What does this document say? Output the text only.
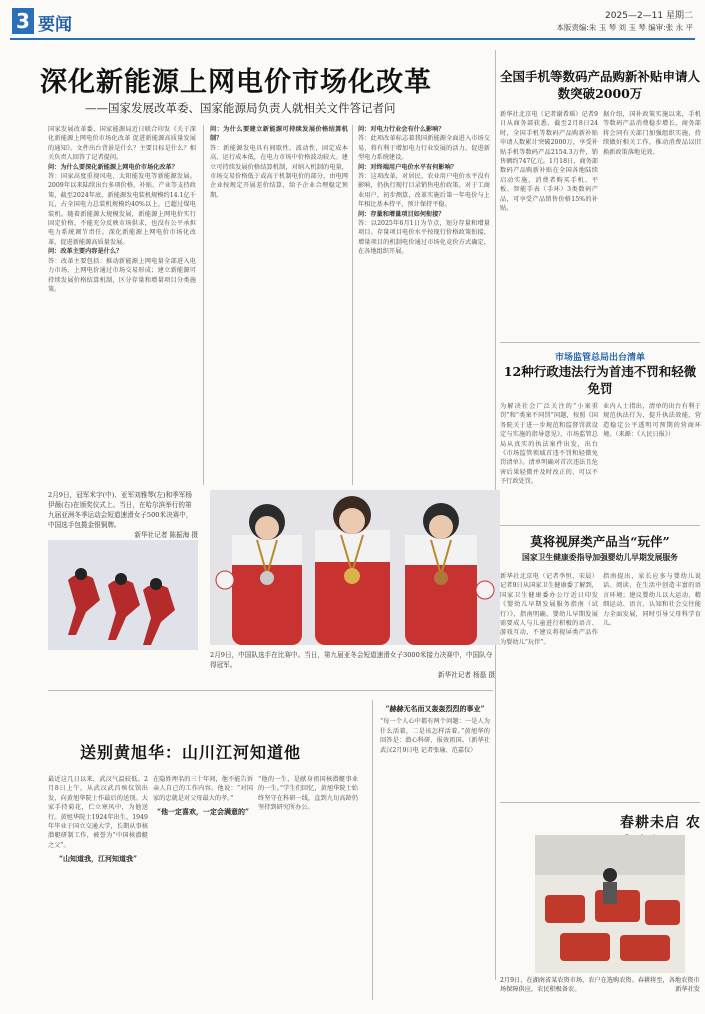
3 要闻	2025—2—11 星期二
本版责编:朱 玉 琴 刘 玉 琴 编审:张 永 平
深化新能源上网电价市场化改革
——国家发展改革委、国家能源局负责人就相关文件答记者问
国家发展改革委、国家能源局近日联合印发《关于深化新能源上网电价市场化改革 促进新能源高质量发展的通知》。文件出台背景是什么？主要目标是什么？相关负责人回答了记者提问。
问：为什么要深化新能源上网电价市场化改革？
答：国家高度重视风电、太阳能发电等新能源发展。2009年以来陆续出台多项价格、补贴、产业等支持政策，截至2024年底，新能源发电装机规模约14.1亿千瓦，占全国电力总装机规模约40%以上，已超过煤电装机。随着新能源大规模发展，新能源上网电价实行固定价格、不能充分反映市场供求，也没有公平承担电力系统调节责任。深化新能源上网电价市场化改革，促进新能源高质量发展。
问：改革主要内容是什么？
答：改革主要包括：推动新能源上网电量全部进入电力市场、上网电价通过市场交易形成；建立新能源可持续发展价格结算机制，区分存量和增量项目分类施策。
问：为什么要建立新能源可持续发展价格结算机制？
答：新能源发电具有间歇性、波动性，固定成本高、运行成本低，在电力市场中价格波动较大。建立可持续发展价格结算机制，对纳入机制的电量，市场交易价格低于或高于机制电价的部分，由电网企业按规定开展差价结算，给予企业合理稳定预期。
问：对电力行业会有什么影响？
答：此项改革标志着我国新能源全面进入市场交易，将有利于增加电力行业发展的活力，促进新型电力系统建设。
问：对终端用户电价水平有何影响？
答：这项改革，对居民、农业用户电价水平没有影响，仍执行现行目录销售电价政策。对于工商业用户，初步测算，改革实施后第一年电价与上年相比基本持平，预计保持平稳。
问：存量和增量项目如何衔接？
答：以2025年6月1日为节点，划分存量和增量项目。存量项目电价水平按现行价格政策衔接，增量项目的机制电价通过市场化竞价方式确定，在各地组织开展。
全国手机等数码产品购新补贴申请人数突破2000万
新华社北京电（记者谢希瑶）记者9日从商务部获悉，截至2月8日24时，全国手机等数码产品购新补贴申请人数累计突破2000万，享受补贴手机等数码产品2154.3万件，销售额约747亿元。1月18日，商务部数码产品购新补贴在全国各地陆续启动实施，消费者购买手机、平板、智能手表（手环）3类数码产品，可享受产品销售价格15%的补贴。
据介绍，国补政策实施以来，手机等数码产品消费稳步增长，商务部将会同有关部门加强组织实施，持续做好相关工作，推动消费品以旧换新政策落地见效。
市场监管总局出台清单
12种行政违法行为首违不罚和轻微免罚
为解决社会广泛关注的“小案重罚”和“类案不同罚”问题，按照《国务院关于进一步规范和监督罚款设定与实施的指导意见》，市场监管总局从真实的执法案件出发，出台《市场监管领域首违不罚和轻微免罚清单》。清单明确对首次违法且危害后果轻微并及时改正的，可以不予行政处罚。
业内人士指出，清单的出台有利于规范执法行为，提升执法效能，营造稳定公平透明可预期的营商环境。（来源：《人民日报》）
莫将视屏类产品当“玩伴”
国家卫生健康委指导加强婴幼儿早期发展服务
新华社北京电（记者李恒、宋晨）记者9日从国家卫生健康委了解到，国家卫生健康委办公厅近日印发《婴幼儿早期发展服务指南（试行）》，指南明确，婴幼儿早期发展需要成人与儿童进行积极的语言、游戏互动，不建议将视屏类产品作为婴幼儿“玩伴”。
指南提出，家长应多与婴幼儿说话、阅读，在生活中创造丰富的语言环境；建议婴幼儿以大运动、精细运动、语言、认知和社会交往能力全面发展，同时引导父母科学育儿。
2月9日，冠军米宇(中)、亚军刘雅琴(左)和季军杨伊薇(右)在颁奖仪式上。当日，在哈尔滨举行的第九届亚洲冬季运动会短道速滑女子500米决赛中，中国选手包揽金银铜牌。

新华社记者 陈振海 摄
2月9日，中国队选手在比赛中。当日，第九届亚冬会短道速滑女子3000米接力决赛中，中国队夺得冠军。
新华社记者 杨磊 摄
送别黄旭华：山川江河知道他
最近这几日以来，武汉气温较低。2月8日上午，从武汉武昌殡仪馆出发，向黄旭华院士作最后的送别。大家手持菊花，伫立寒风中，为他送行。黄旭华院士1924年出生，1949年毕业于国立交通大学，长期从事核潜艇研制工作，被誉为“中国核潜艇之父”。
“山知道我，江河知道我”
在隐姓埋名的三十年间，他不能告诉亲人自己的工作内容。他说：“对国家的忠就是对父母最大的孝。”
“他一定喜欢，一定会满意的”
“他的一生，是献身祖国核潜艇事业的一生。”学生们回忆，黄旭华院士始终坚守在科研一线，直到九旬高龄仍坚持到研究所办公。
“赫赫无名而又轰轰烈烈的事业”
“每一个人心中都有两个问题：一是人为什么活着，二是该怎样活着。”黄旭华的回答是：潜心科研、报效祖国。（新华社武汉2月9日电 记者张瑜、范嘉仪）
春耕未启 农
2月9日，在湖南省某农资市场，农户在选购农资。春耕将至，各地农资市场保障供应，农民积极备农。	新华社发
